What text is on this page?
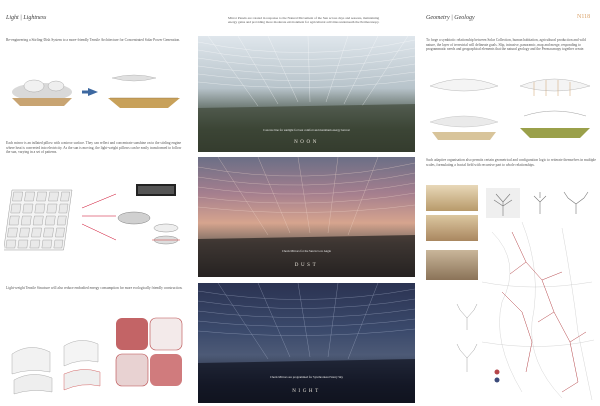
Light | Lightness
Re-engineering a Stirling-Dish System to a more-friendly Tensile Architecture for Concentrated Solar Power Generation.
Each mirror is an inflated pillow with a mirror surface. They can reflect and concentrate sunshine on to the stirling engine where heat is converted into electricity. As the sun is moving, the light-weight pillows can be easily transformed to follow the sun, varying in a set of patterns.
Light-weight Tensile Structure will also reduce embodied energy consumption for more ecologically friendly construction.
Mirror Panels are rotated in response to the Natural Movement of the Sun across days and seasons, maintaining energy gains and providing more moderate environment for agricultural activities underneath the Permacanopy.
Concave line for sunlight for best comfort and maximum energy harvest
NOON
Check Mirrors for the Sun in Low Angle
DUST
Check Mirrors are programmed for Synchronized Starry Sky
NIGHT
Geometry | Geology	N118
To forge a symbiotic relationship between Solar Collection, human habitation, agricultural production and wild nature, the layer of terrestrial will delineate goals. Slip, intrusive, panoramic, map and merge, responding to programmatic needs and geographical elements that the natural geology and the Permacanopy together create.
Such adaptive organisation also permits certain geometrical and configuration logic to reiterate themselves in multiple scales, formulating a fractal field with recursive part to whole relationships.
